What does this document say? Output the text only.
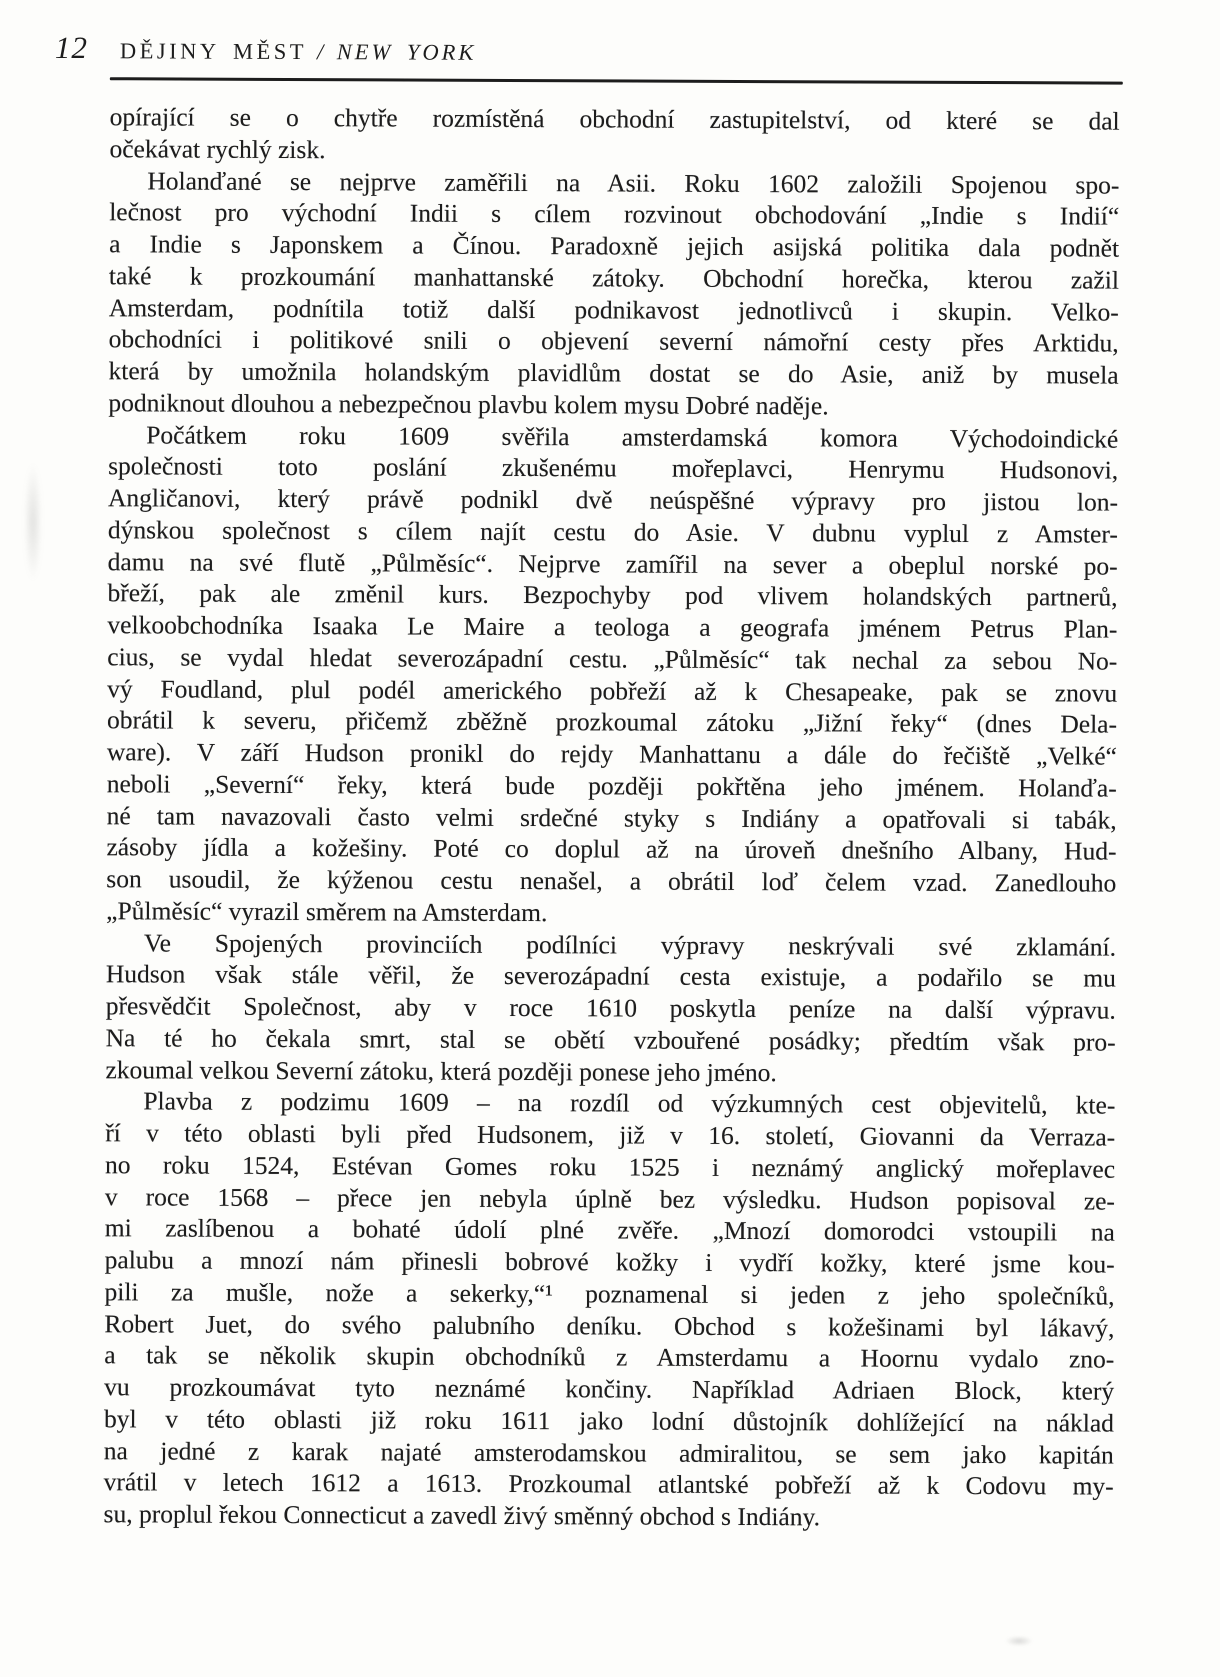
12 DĚJINY MĚST / NEW YORK

opírající se o chytře rozmístěná obchodní zastupitelství, od které se dal
očekávat rychlý zisk.

Holanďané se nejprve zaměřili na Asii. Roku 1602 založili Spojenou spo-
lečnost pro východní Indii s cílem rozvinout obchodování „Indie s Indií“
a Indie s Japonskem a Čínou. Paradoxně jejich asijská politika dala podnět
také k prozkoumání manhattanské zátoky. Obchodní horečka, kterou zažil
Amsterdam, podnítila totiž další podnikavost jednotlivců i skupin. Velko-
obchodníci i politikové snili o objevení severní námořní cesty přes Arktidu,
která by umožnila holandským plavidlům dostat se do Asie, aniž by musela
podniknout dlouhou a nebezpečnou plavbu kolem mysu Dobré naděje.

Počátkem roku 1609 svěřila amsterdamská komora Východoindické
společnosti toto poslání zkušenému mořeplavci, Henrymu Hudsonovi,
Angličanovi, který právě podnikl dvě neúspěšné výpravy pro jistou lon-
dýnskou společnost s cílem najít cestu do Asie. V dubnu vyplul z Amster-
damu na své flutě „Půlměsíc“. Nejprve zamířil na sever a obeplul norské po-
břeží, pak ale změnil kurs. Bezpochyby pod vlivem holandských partnerů,
velkoobchodníka Isaaka Le Maire a teologa a geografa jménem Petrus Plan-
cius, se vydal hledat severozápadní cestu. „Půlměsíc“ tak nechal za sebou No-
vý Foudland, plul podél amerického pobřeží až k Chesapeake, pak se znovu
obrátil k severu, přičemž zběžně prozkoumal zátoku „Jižní řeky“ (dnes Dela-
ware). V září Hudson pronikl do rejdy Manhattanu a dále do řečiště „Velké“
neboli „Severní“ řeky, která bude později pokřtěna jeho jménem. Holanďa-
né tam navazovali často velmi srdečné styky s Indiány a opatřovali si tabák,
zásoby jídla a kožešiny. Poté co doplul až na úroveň dnešního Albany, Hud-
son usoudil, že kýženou cestu nenašel, a obrátil loď čelem vzad. Zanedlouho
„Půlměsíc“ vyrazil směrem na Amsterdam.

Ve Spojených provinciích podílníci výpravy neskrývali své zklamání.
Hudson však stále věřil, že severozápadní cesta existuje, a podařilo se mu
přesvědčit Společnost, aby v roce 1610 poskytla peníze na další výpravu.
Na té ho čekala smrt, stal se obětí vzbouřené posádky; předtím však pro-
zkoumal velkou Severní zátoku, která později ponese jeho jméno.

Plavba z podzimu 1609 – na rozdíl od výzkumných cest objevitelů, kte-
ří v této oblasti byli před Hudsonem, již v 16. století, Giovanni da Verraza-
no roku 1524, Estévan Gomes roku 1525 i neznámý anglický mořeplavec
v roce 1568 – přece jen nebyla úplně bez výsledku. Hudson popisoval ze-
mi zaslíbenou a bohaté údolí plné zvěře. „Mnozí domorodci vstoupili na
palubu a mnozí nám přinesli bobrové kožky i vydří kožky, které jsme kou-
pili za mušle, nože a sekerky,“¹ poznamenal si jeden z jeho společníků,
Robert Juet, do svého palubního deníku. Obchod s kožešinami byl lákavý,
a tak se několik skupin obchodníků z Amsterdamu a Hoornu vydalo zno-
vu prozkoumávat tyto neznámé končiny. Například Adriaen Block, který
byl v této oblasti již roku 1611 jako lodní důstojník dohlížející na náklad
na jedné z karak najaté amsterodamskou admiralitou, se sem jako kapitán
vrátil v letech 1612 a 1613. Prozkoumal atlantské pobřeží až k Codovu my-
su, proplul řekou Connecticut a zavedl živý směnný obchod s Indiány.
